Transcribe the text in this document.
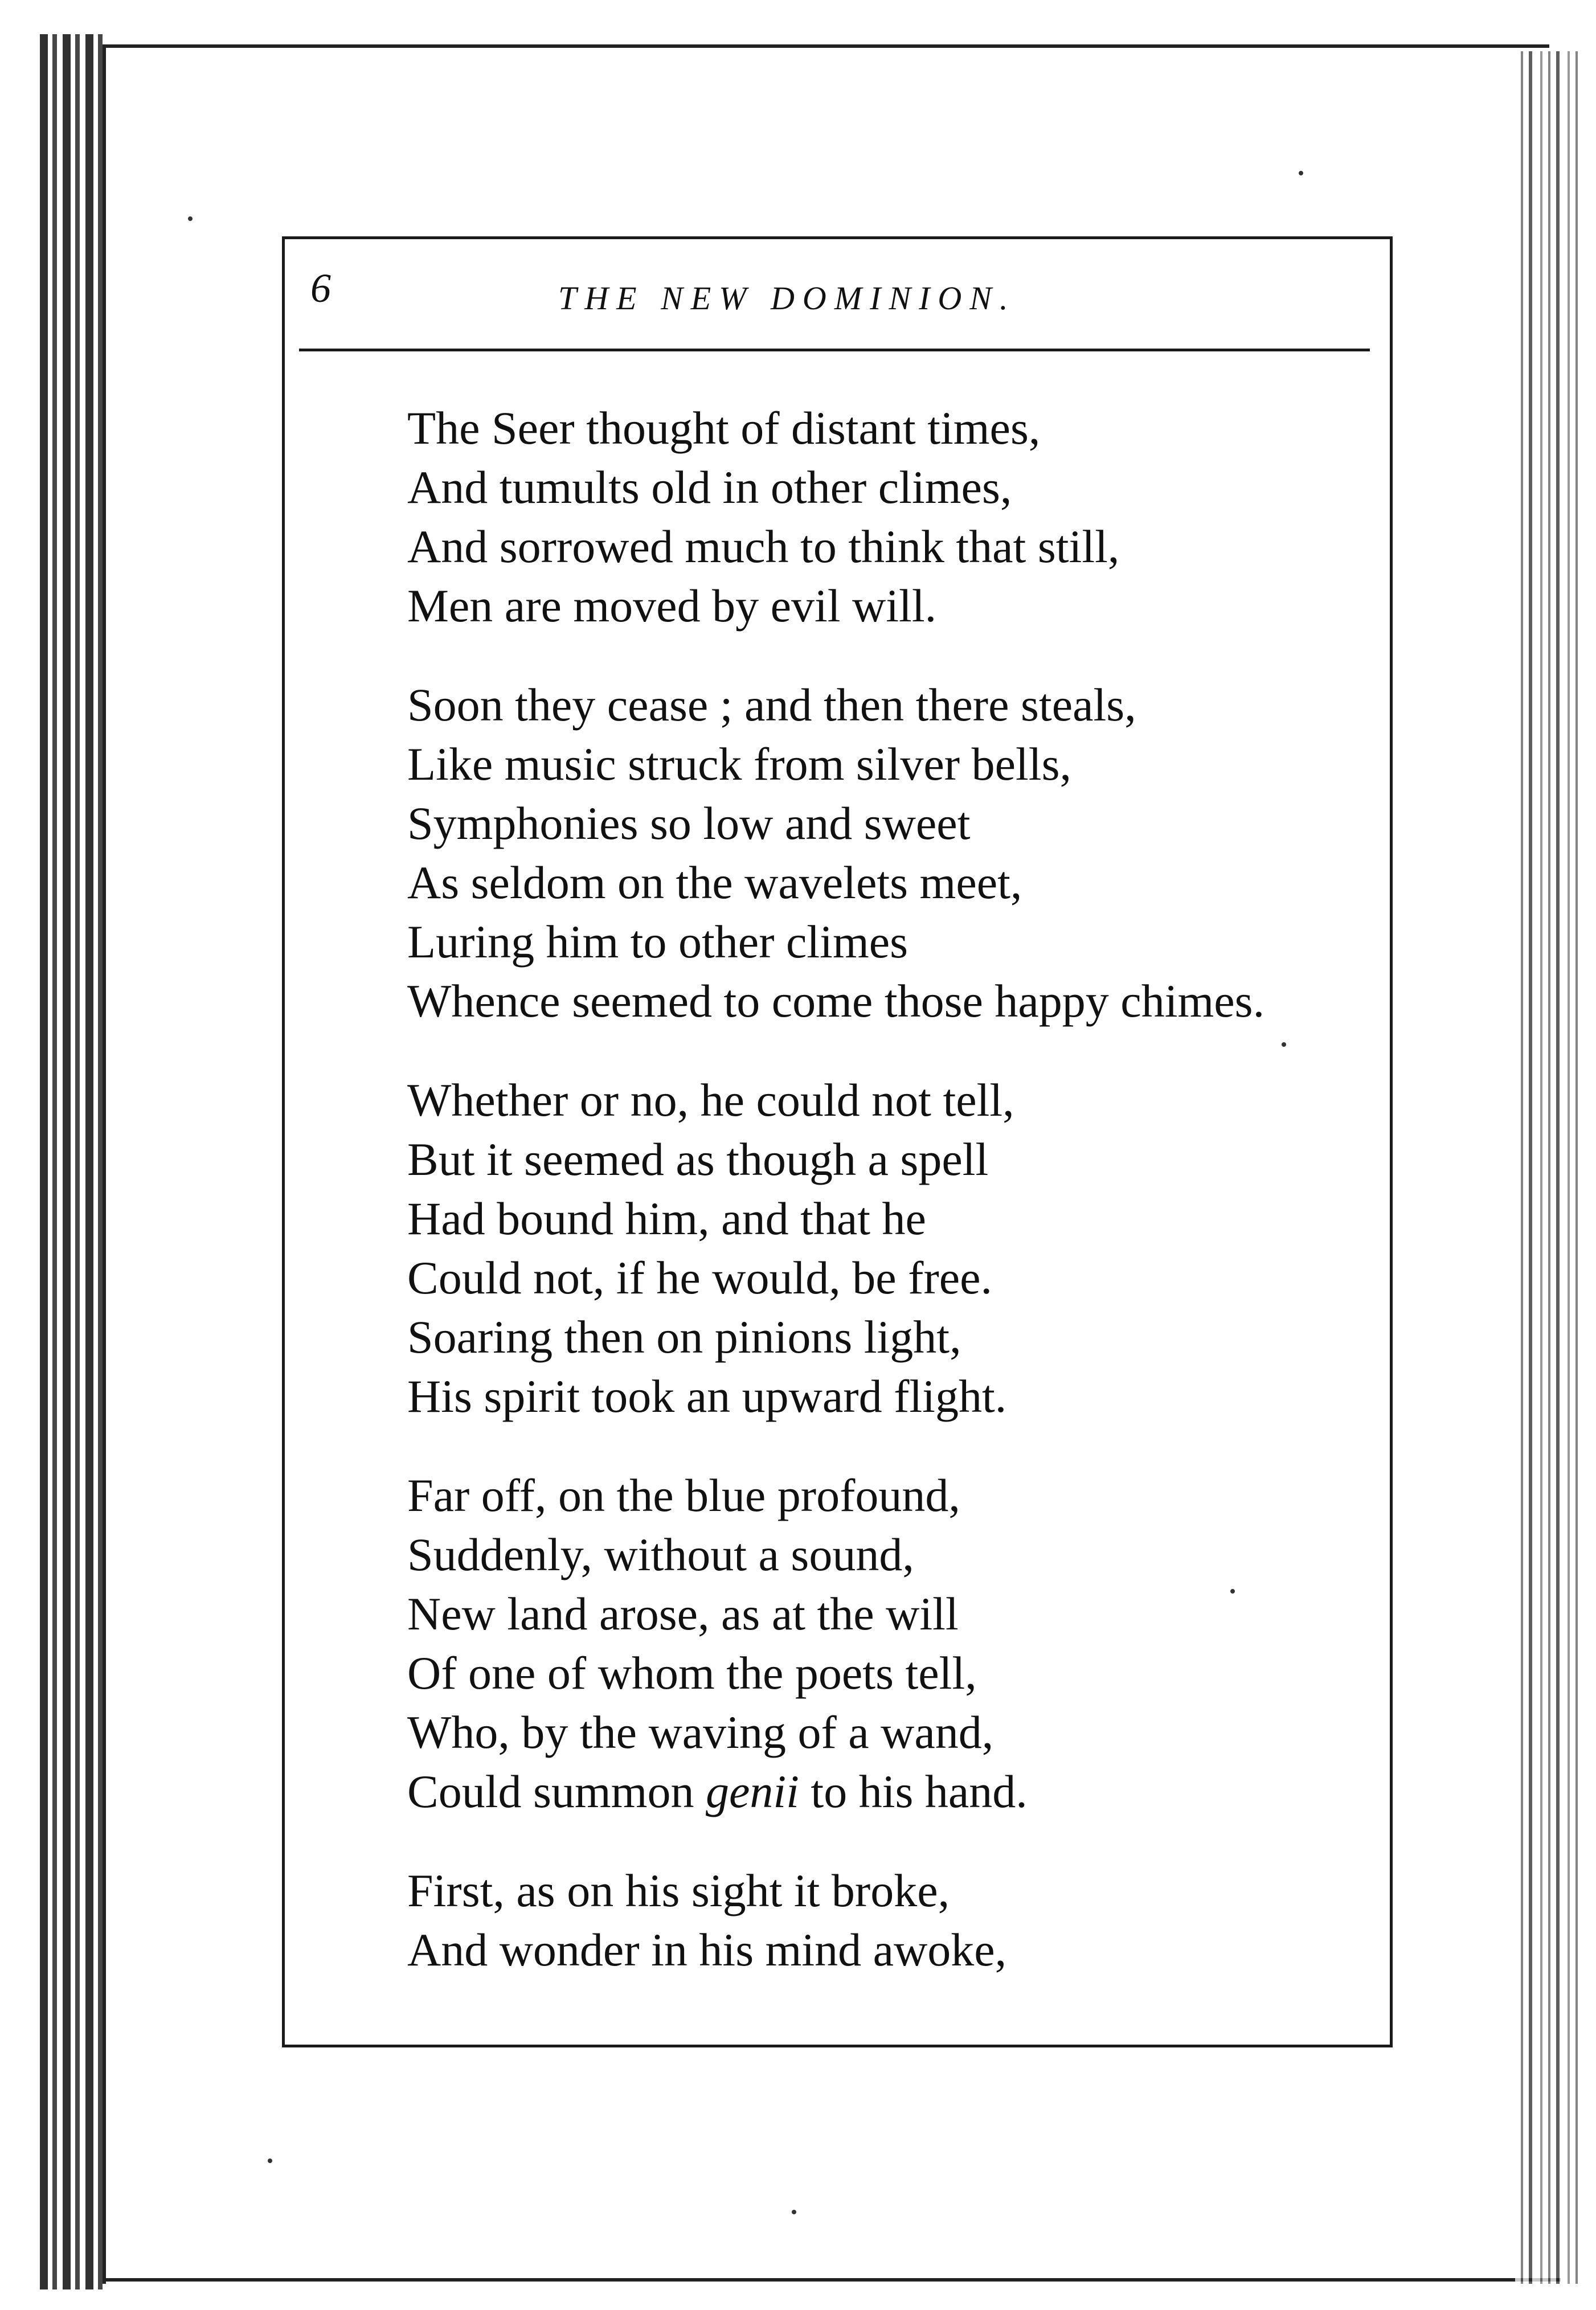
6	THE NEW DOMINION.
The Seer thought of distant times,
And tumults old in other climes,
And sorrowed much to think that still,
Men are moved by evil will.
Soon they cease ; and then there steals,
Like music struck from silver bells,
Symphonies so low and sweet
As seldom on the wavelets meet,
Luring him to other climes
Whence seemed to come those happy chimes.
Whether or no, he could not tell,
But it seemed as though a spell
Had bound him, and that he
Could not, if he would, be free.
Soaring then on pinions light,
His spirit took an upward flight.
Far off, on the blue profound,
Suddenly, without a sound,
New land arose, as at the will
Of one of whom the poets tell,
Who, by the waving of a wand,
Could summon genii to his hand.
First, as on his sight it broke,
And wonder in his mind awoke,
